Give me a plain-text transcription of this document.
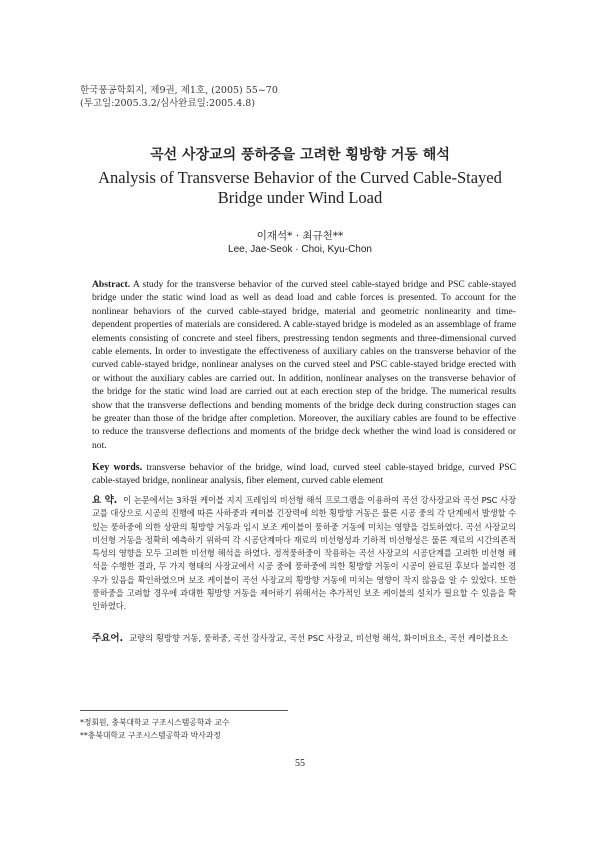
한국풍공학회지, 제9권, 제1호, (2005) 55~70
(투고일:2005.3.2/심사완료일:2005.4.8)
곡선 사장교의 풍하중을 고려한 횡방향 거동 해석
Analysis of Transverse Behavior of the Curved Cable-Stayed
Bridge under Wind Load
이재석* · 최규천**
Lee, Jae-Seok · Choi, Kyu-Chon
Abstract. A study for the transverse behavior of the curved steel cable-stayed bridge and PSC cable-stayed bridge under the static wind load as well as dead load and cable forces is presented. To account for the nonlinear behaviors of the curved cable-stayed bridge, material and geometric nonlinearity and time-dependent properties of materials are considered. A cable-stayed bridge is modeled as an assemblage of frame elements consisting of concrete and steel fibers, prestressing tendon segments and three-dimensional curved cable elements. In order to investigate the effectiveness of auxiliary cables on the transverse behavior of the curved cable-stayed bridge, nonlinear analyses on the curved steel and PSC cable-stayed bridge erected with or without the auxiliary cables are carried out. In addition, nonlinear analyses on the transverse behavior of the bridge for the static wind load are carried out at each erection step of the bridge. The numerical results show that the transverse deflections and bending moments of the bridge deck during construction stages can be greater than those of the bridge after completion. Moreover, the auxiliary cables are found to be effective to reduce the transverse deflections and moments of the bridge deck whether the wind load is considered or not.
Key words. transverse behavior of the bridge, wind load, curved steel cable-stayed bridge, curved PSC cable-stayed bridge, nonlinear analysis, fiber element, curved cable element
요 약. 이 논문에서는 3차원 케이블 지지 프레임의 비선형 해석 프로그램을 이용하여 곡선 강사장교와 곡선 PSC 사장교를 대상으로 시공의 진행에 따른 사하중과 케이블 긴장력에 의한 횡방향 거동은 물론 시공 중의 각 단계에서 발생할 수 있는 풍하중에 의한 상판의 횡방향 거동과 임시 보조 케이블이 풍하중 거동에 미치는 영향을 검토하였다. 곡선 사장교의 비선형 거동을 정확히 예측하기 위하여 각 시공단계마다 재료의 비선형성과 기하적 비선형성은 물론 재료의 시간의존적 특성의 영향을 모두 고려한 비선형 해석을 하였다. 정적풍하중이 작용하는 곡선 사장교의 시공단계를 고려한 비선형 해석을 수행한 결과, 두 가지 형태의 사장교에서 시공 중에 풍하중에 의한 횡방향 거동이 시공이 완료된 후보다 불리한 경우가 있음을 확인하였으며 보조 케이블이 곡선 사장교의 횡방향 거동에 미치는 영향이 작지 않음을 알 수 있었다. 또한 풍하중을 고려할 경우에 과대한 횡방향 거동을 제어하기 위해서는 추가적인 보조 케이블의 설치가 필요할 수 있음을 확인하였다.
주요어. 교량의 횡방향 거동, 풍하중, 곡선 강사장교, 곡선 PSC 사장교, 비선형 해석, 화이버요소, 곡선 케이블요소
*정회원, 충북대학교 구조시스템공학과 교수
**충북대학교 구조시스템공학과 박사과정
55
